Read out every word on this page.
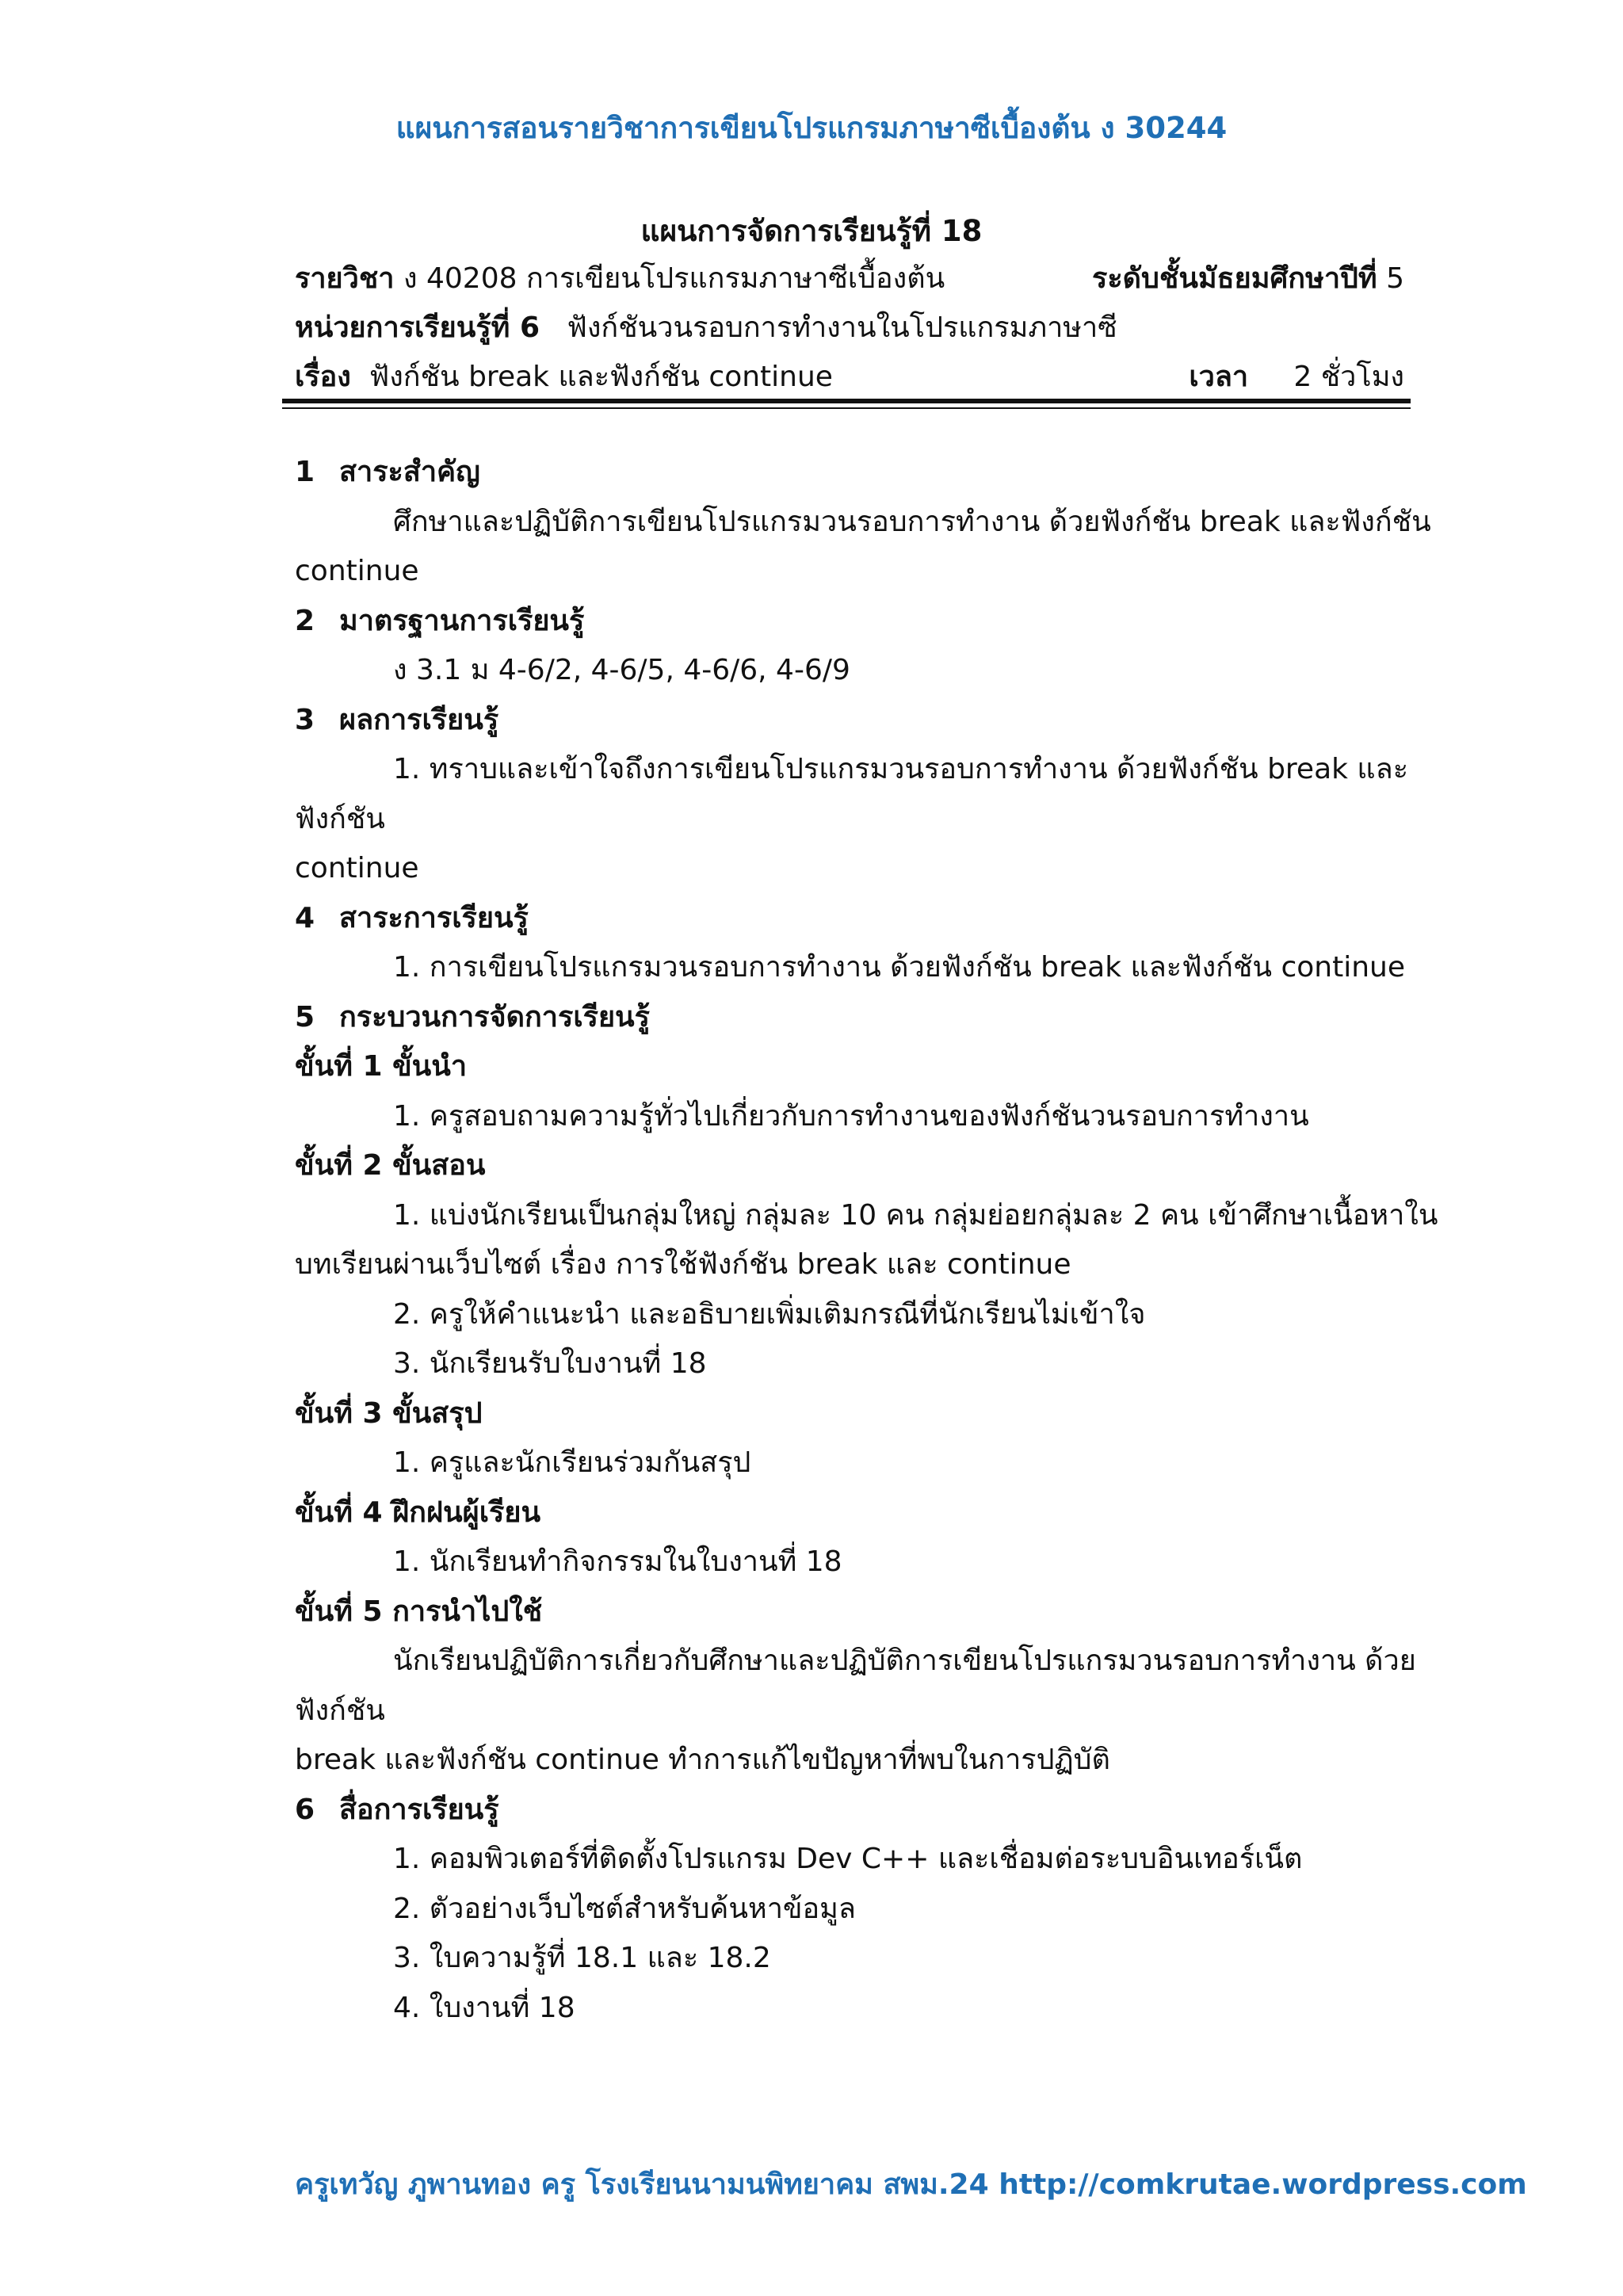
แผนการสอนรายวิชาการเขียนโปรแกรมภาษาซีเบื้องต้น ง 30244
แผนการจัดการเรียนรู้ที่ 18
รายวิชา ง 40208 การเขียนโปรแกรมภาษาซีเบื้องต้น	ระดับชั้นมัธยมศึกษาปีที่ 5
หน่วยการเรียนรู้ที่ 6 ฟังก์ชันวนรอบการทำงานในโปรแกรมภาษาซี
เรื่อง ฟังก์ชัน break และฟังก์ชัน continue	เวลา 2 ชั่วโมง
1 สาระสำคัญ
ศึกษาและปฏิบัติการเขียนโปรแกรมวนรอบการทำงาน ด้วยฟังก์ชัน break และฟังก์ชัน
continue
2 มาตรฐานการเรียนรู้
ง 3.1 ม 4-6/2, 4-6/5, 4-6/6, 4-6/9
3 ผลการเรียนรู้
1. ทราบและเข้าใจถึงการเขียนโปรแกรมวนรอบการทำงาน ด้วยฟังก์ชัน break และฟังก์ชัน
continue
4 สาระการเรียนรู้
1. การเขียนโปรแกรมวนรอบการทำงาน ด้วยฟังก์ชัน break และฟังก์ชัน continue
5 กระบวนการจัดการเรียนรู้
ขั้นที่ 1 ขั้นนำ
1. ครูสอบถามความรู้ทั่วไปเกี่ยวกับการทำงานของฟังก์ชันวนรอบการทำงาน
ขั้นที่ 2 ขั้นสอน
1. แบ่งนักเรียนเป็นกลุ่มใหญ่ กลุ่มละ 10 คน กลุ่มย่อยกลุ่มละ 2 คน เข้าศึกษาเนื้อหาใน
บทเรียนผ่านเว็บไซต์ เรื่อง การใช้ฟังก์ชัน break และ continue
2. ครูให้คำแนะนำ และอธิบายเพิ่มเติมกรณีที่นักเรียนไม่เข้าใจ
3. นักเรียนรับใบงานที่ 18
ขั้นที่ 3 ขั้นสรุป
1. ครูและนักเรียนร่วมกันสรุป
ขั้นที่ 4 ฝึกฝนผู้เรียน
1. นักเรียนทำกิจกรรมในใบงานที่ 18
ขั้นที่ 5 การนำไปใช้
นักเรียนปฏิบัติการเกี่ยวกับศึกษาและปฏิบัติการเขียนโปรแกรมวนรอบการทำงาน ด้วยฟังก์ชัน
break และฟังก์ชัน continue ทำการแก้ไขปัญหาที่พบในการปฏิบัติ
6 สื่อการเรียนรู้
1. คอมพิวเตอร์ที่ติดตั้งโปรแกรม Dev C++ และเชื่อมต่อระบบอินเทอร์เน็ต
2. ตัวอย่างเว็บไซต์สำหรับค้นหาข้อมูล
3. ใบความรู้ที่ 18.1 และ 18.2
4. ใบงานที่ 18
ครูเทวัญ ภูพานทอง ครู โรงเรียนนามนพิทยาคม สพม.24 http://comkrutae.wordpress.com
